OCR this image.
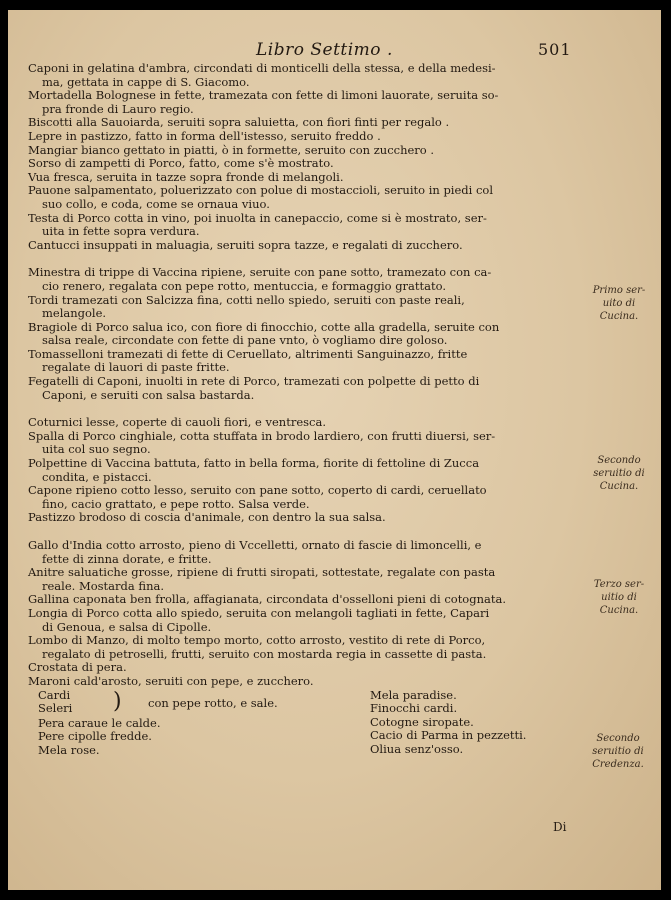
Libro Settimo .	501
Caponi in gelatina d'ambra, circondati di monticelli della stessa, e della medesi-
ma, gettata in cappe di S. Giacomo.
Mortadella Bolognese in fette, tramezata con fette di limoni lauorate, seruita so-
pra fronde di Lauro regio.
Biscotti alla Sauoiarda, seruiti sopra saluietta, con fiori finti per regalo .
Lepre in pastizzo, fatto in forma dell'istesso, seruito freddo .
Mangiar bianco gettato in piatti, ò in formette, seruito con zucchero .
Sorso di zampetti di Porco, fatto, come s'è mostrato.
Vua fresca, seruita in tazze sopra fronde di melangoli.
Pauone salpamentato, poluerizzato con polue di mostaccioli, seruito in piedi col
suo collo, e coda, come se ornaua viuo.
Testa di Porco cotta in vino, poi inuolta in canepaccio, come si è mostrato, ser-
uita in fette sopra verdura.
Cantucci insuppati in maluagia, seruiti sopra tazze, e regalati di zucchero.
Minestra di trippe di Vaccina ripiene, seruite con pane sotto, tramezato con ca-
cio renero, regalata con pepe rotto, mentuccia, e formaggio grattato.
Tordi tramezati con Salcizza fina, cotti nello spiedo, seruiti con paste reali,
melangole.
Bragiole di Porco salua ico, con fiore di finocchio, cotte alla gradella, seruite con
salsa reale, circondate con fette di pane vnto, ò vogliamo dire goloso.
Tomasselloni tramezati di fette di Ceruellato, altrimenti Sanguinazzo, fritte
regalate di lauori di paste fritte.
Fegatelli di Caponi, inuolti in rete di Porco, tramezati con polpette di petto di
Caponi, e seruiti con salsa bastarda.
Coturnici lesse, coperte di cauoli fiori, e ventresca.
Spalla di Porco cinghiale, cotta stuffata in brodo lardiero, con frutti diuersi, ser-
uita col suo segno.
Polpettine di Vaccina battuta, fatto in bella forma, fiorite di fettoline di Zucca
condita, e pistacci.
Capone ripieno cotto lesso, seruito con pane sotto, coperto di cardi, ceruellato
fino, cacio grattato, e pepe rotto. Salsa verde.
Pastizzo brodoso di coscia d'animale, con dentro la sua salsa.
Gallo d'India cotto arrosto, pieno di Vccelletti, ornato di fascie di limoncelli, e
fette di zinna dorate, e fritte.
Anitre saluatiche grosse, ripiene di frutti siropati, sottestate, regalate con pasta
reale. Mostarda fina.
Gallina caponata ben frolla, affagianata, circondata d'osselloni pieni di cotognata.
Longia di Porco cotta allo spiedo, seruita con melangoli tagliati in fette, Capari
di Genoua, e salsa di Cipolle.
Lombo di Manzo, di molto tempo morto, cotto arrosto, vestito di rete di Porco,
regalato di petroselli, frutti, seruito con mostarda regia in cassette di pasta.
Crostata di pera.
Maroni cald'arosto, seruiti con pepe, e zucchero.
Cardi
Seleri ) con pepe rotto, e sale.
Pera caraue le calde.
Pere cipolle fredde.
Mela rose.
Mela paradise.
Finocchi cardi.
Cotogne siropate.
Cacio di Parma in pezzetti.
Oliua senz'osso.
Primo ser-uito di Cucina.
Secondo seruitio di Cucina.
Terzo ser-uitio di Cucina.
Secondo seruitio di Credenza.
Di
